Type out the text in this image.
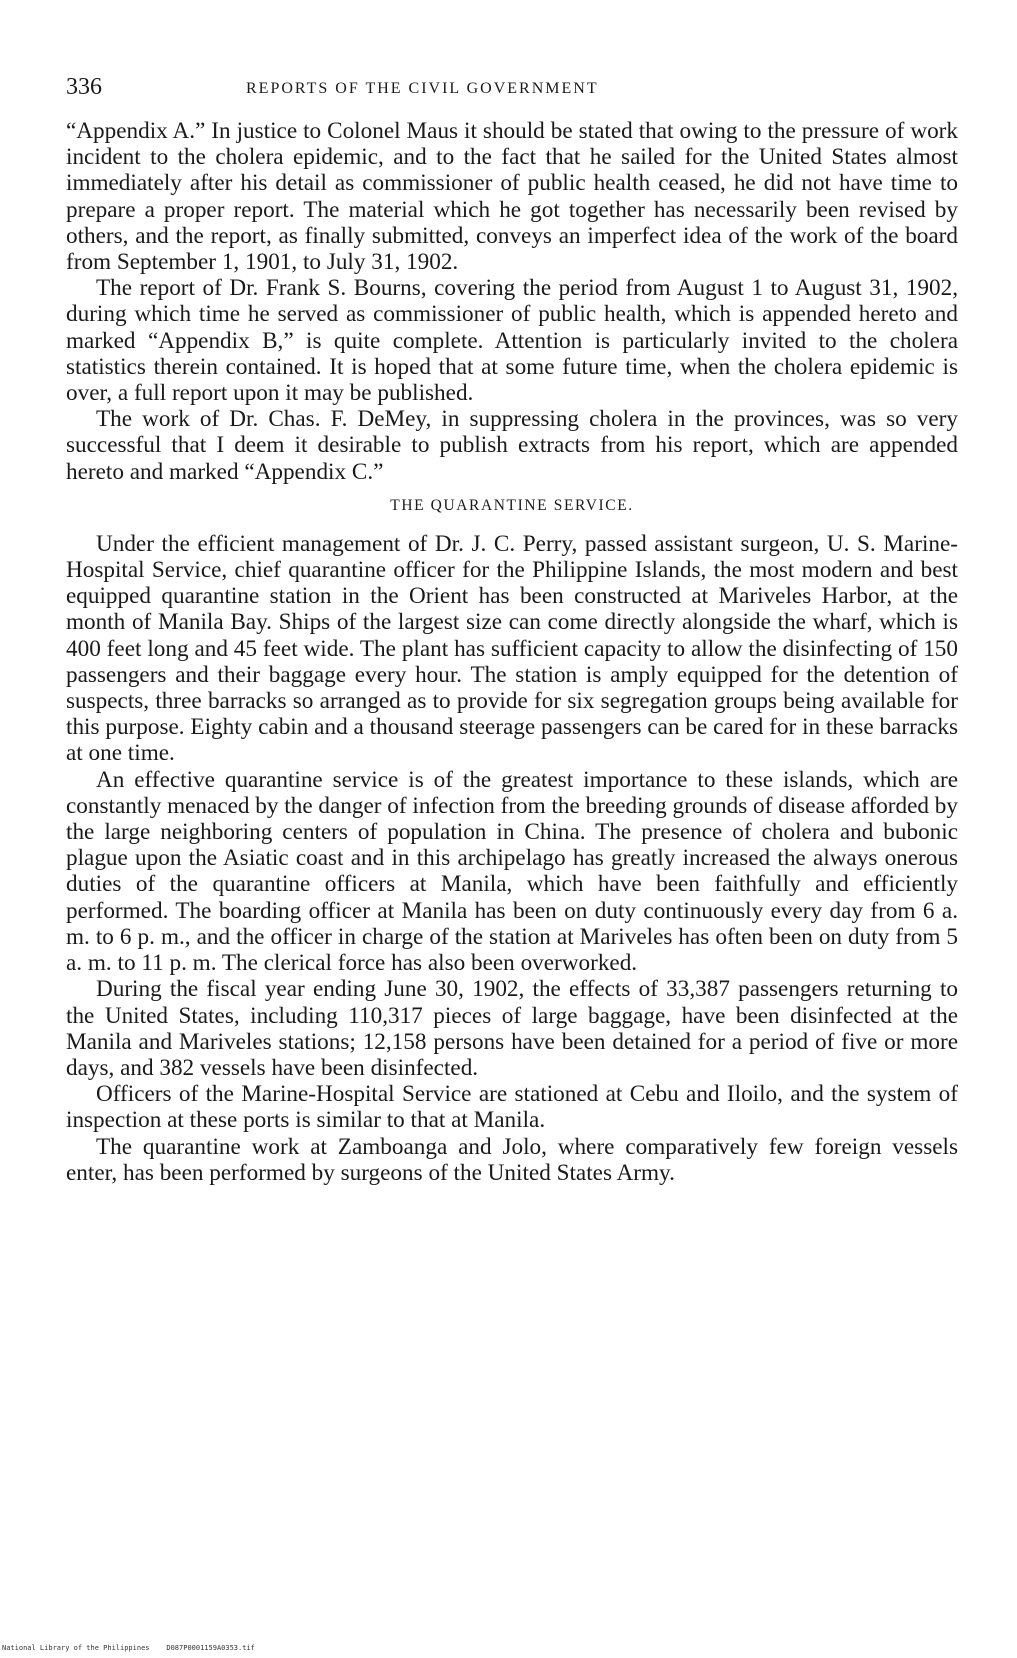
336	REPORTS OF THE CIVIL GOVERNMENT

“Appendix A.” In justice to Colonel Maus it should be stated that owing to the pressure of work incident to the cholera epidemic, and to the fact that he sailed for the United States almost immediately after his detail as commissioner of public health ceased, he did not have time to prepare a proper report. The material which he got together has necessarily been revised by others, and the report, as finally submitted, conveys an imperfect idea of the work of the board from September 1, 1901, to July 31, 1902.

The report of Dr. Frank S. Bourns, covering the period from August 1 to August 31, 1902, during which time he served as commissioner of public health, which is appended hereto and marked “Appendix B,” is quite complete. Attention is particularly invited to the cholera statistics therein contained. It is hoped that at some future time, when the cholera epidemic is over, a full report upon it may be published.

The work of Dr. Chas. F. DeMey, in suppressing cholera in the provinces, was so very successful that I deem it desirable to publish extracts from his report, which are appended hereto and marked “Appendix C.”

THE QUARANTINE SERVICE.

Under the efficient management of Dr. J. C. Perry, passed assistant surgeon, U. S. Marine-Hospital Service, chief quarantine officer for the Philippine Islands, the most modern and best equipped quarantine station in the Orient has been constructed at Mariveles Harbor, at the month of Manila Bay. Ships of the largest size can come directly alongside the wharf, which is 400 feet long and 45 feet wide. The plant has sufficient capacity to allow the disinfecting of 150 passengers and their baggage every hour. The station is amply equipped for the detention of suspects, three barracks so arranged as to provide for six segregation groups being available for this purpose. Eighty cabin and a thousand steerage passengers can be cared for in these barracks at one time.

An effective quarantine service is of the greatest importance to these islands, which are constantly menaced by the danger of infection from the breeding grounds of disease afforded by the large neighboring centers of population in China. The presence of cholera and bubonic plague upon the Asiatic coast and in this archipelago has greatly increased the always onerous duties of the quarantine officers at Manila, which have been faithfully and efficiently performed. The boarding officer at Manila has been on duty continuously every day from 6 a. m. to 6 p. m., and the officer in charge of the station at Mariveles has often been on duty from 5 a. m. to 11 p. m. The clerical force has also been overworked.

During the fiscal year ending June 30, 1902, the effects of 33,387 passengers returning to the United States, including 110,317 pieces of large baggage, have been disinfected at the Manila and Mariveles stations; 12,158 persons have been detained for a period of five or more days, and 382 vessels have been disinfected.

Officers of the Marine-Hospital Service are stationed at Cebu and Iloilo, and the system of inspection at these ports is similar to that at Manila.

The quarantine work at Zamboanga and Jolo, where comparatively few foreign vessels enter, has been performed by surgeons of the United States Army.

National Library of the Philippines D087P0001159A0353.tif
